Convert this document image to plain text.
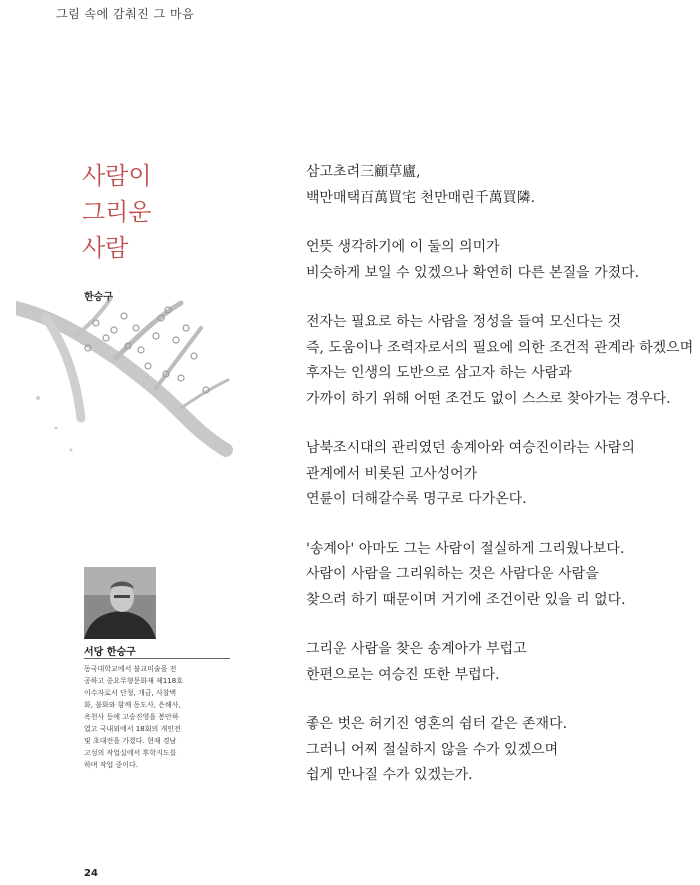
그림 속에 감춰진 그 마음
사람이
그리운
사람
한승구
서당 한승구
동국대학교에서 불교미술을 전
공하고 중요무형문화재 제118호
이수자로서 단청, 개금, 사찰벽
화, 불화와 함께 동도사, 은해사,
옥천사 등에 고승진영을 봉안하
였고 국내외에서 18회의 개인전
및 초대전을 가졌다. 현재 경남
고성의 작업실에서 후학지도를
하며 작업 중이다.
삼고초려三顧草廬,
백만매택百萬買宅 천만매린千萬買隣.
언뜻 생각하기에 이 둘의 의미가
비슷하게 보일 수 있겠으나 확연히 다른 본질을 가졌다.
전자는 필요로 하는 사람을 정성을 들여 모신다는 것
즉, 도움이나 조력자로서의 필요에 의한 조건적 관계라 하겠으며
후자는 인생의 도반으로 삼고자 하는 사람과
가까이 하기 위해 어떤 조건도 없이 스스로 찾아가는 경우다.
남북조시대의 관리였던 송계아와 여승진이라는 사람의
관계에서 비롯된 고사성어가
연륜이 더해갈수록 명구로 다가온다.
'송계아' 아마도 그는 사람이 절실하게 그리웠나보다.
사람이 사람을 그리워하는 것은 사람다운 사람을
찾으려 하기 때문이며 거기에 조건이란 있을 리 없다.
그리운 사람을 찾은 송계아가 부럽고
한편으로는 여승진 또한 부럽다.
좋은 벗은 허기진 영혼의 쉼터 같은 존재다.
그러니 어찌 절실하지 않을 수가 있겠으며
쉽게 만나질 수가 있겠는가.
24
